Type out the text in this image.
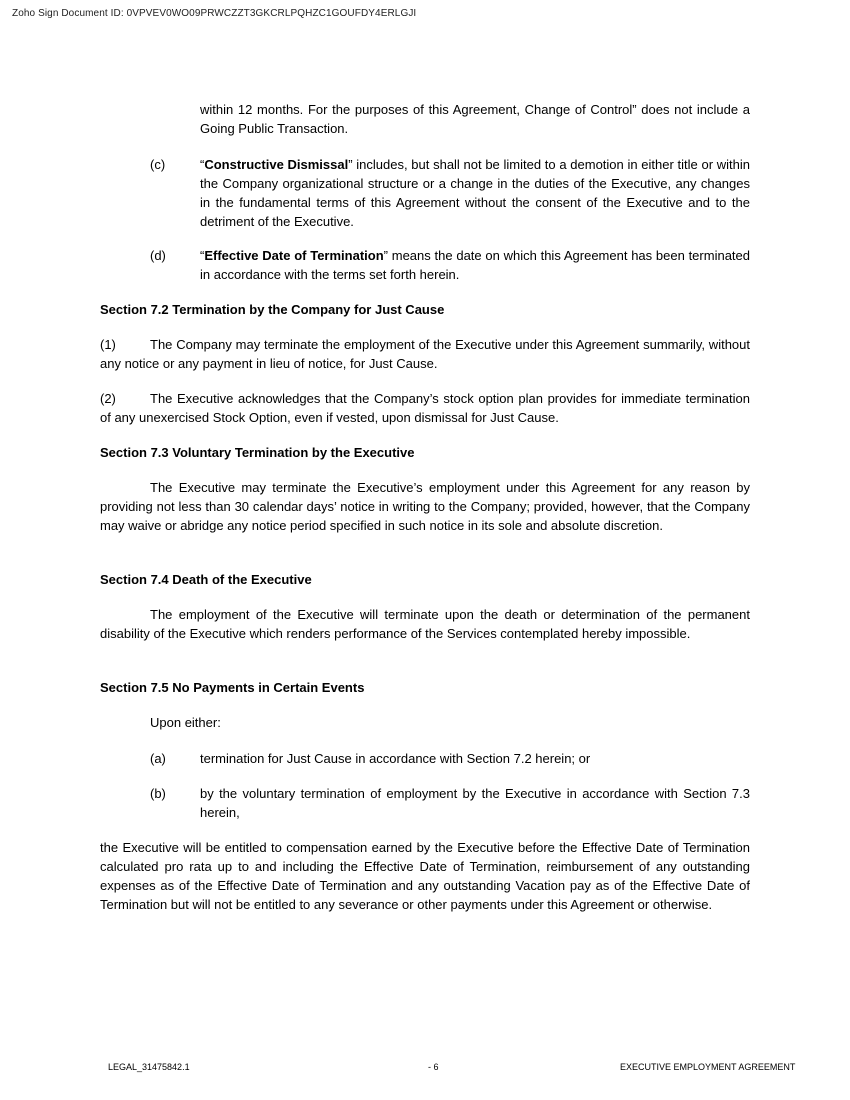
Zoho Sign Document ID: 0VPVEV0WO09PRWCZZT3GKCRLPQHZC1GOUFDY4ERLGJI
within 12 months. For the purposes of this Agreement, Change of Control” does not include a Going Public Transaction.
(c)	“Constructive Dismissal” includes, but shall not be limited to a demotion in either title or within the Company organizational structure or a change in the duties of the Executive, any changes in the fundamental terms of this Agreement without the consent of the Executive and to the detriment of the Executive.
(d)	“Effective Date of Termination” means the date on which this Agreement has been terminated in accordance with the terms set forth herein.
Section 7.2 Termination by the Company for Just Cause
(1)	The Company may terminate the employment of the Executive under this Agreement summarily, without any notice or any payment in lieu of notice, for Just Cause.
(2)	The Executive acknowledges that the Company’s stock option plan provides for immediate termination of any unexercised Stock Option, even if vested, upon dismissal for Just Cause.
Section 7.3 Voluntary Termination by the Executive
The Executive may terminate the Executive’s employment under this Agreement for any reason by providing not less than 30 calendar days’ notice in writing to the Company; provided, however, that the Company may waive or abridge any notice period specified in such notice in its sole and absolute discretion.
Section 7.4 Death of the Executive
The employment of the Executive will terminate upon the death or determination of the permanent disability of the Executive which renders performance of the Services contemplated hereby impossible.
Section 7.5 No Payments in Certain Events
Upon either:
(a)	termination for Just Cause in accordance with Section 7.2 herein; or
(b)	by the voluntary termination of employment by the Executive in accordance with Section 7.3 herein,
the Executive will be entitled to compensation earned by the Executive before the Effective Date of Termination calculated pro rata up to and including the Effective Date of Termination, reimbursement of any outstanding expenses as of the Effective Date of Termination and any outstanding Vacation pay as of the Effective Date of Termination but will not be entitled to any severance or other payments under this Agreement or otherwise.
LEGAL_31475842.1	- 6	EXECUTIVE EMPLOYMENT AGREEMENT
